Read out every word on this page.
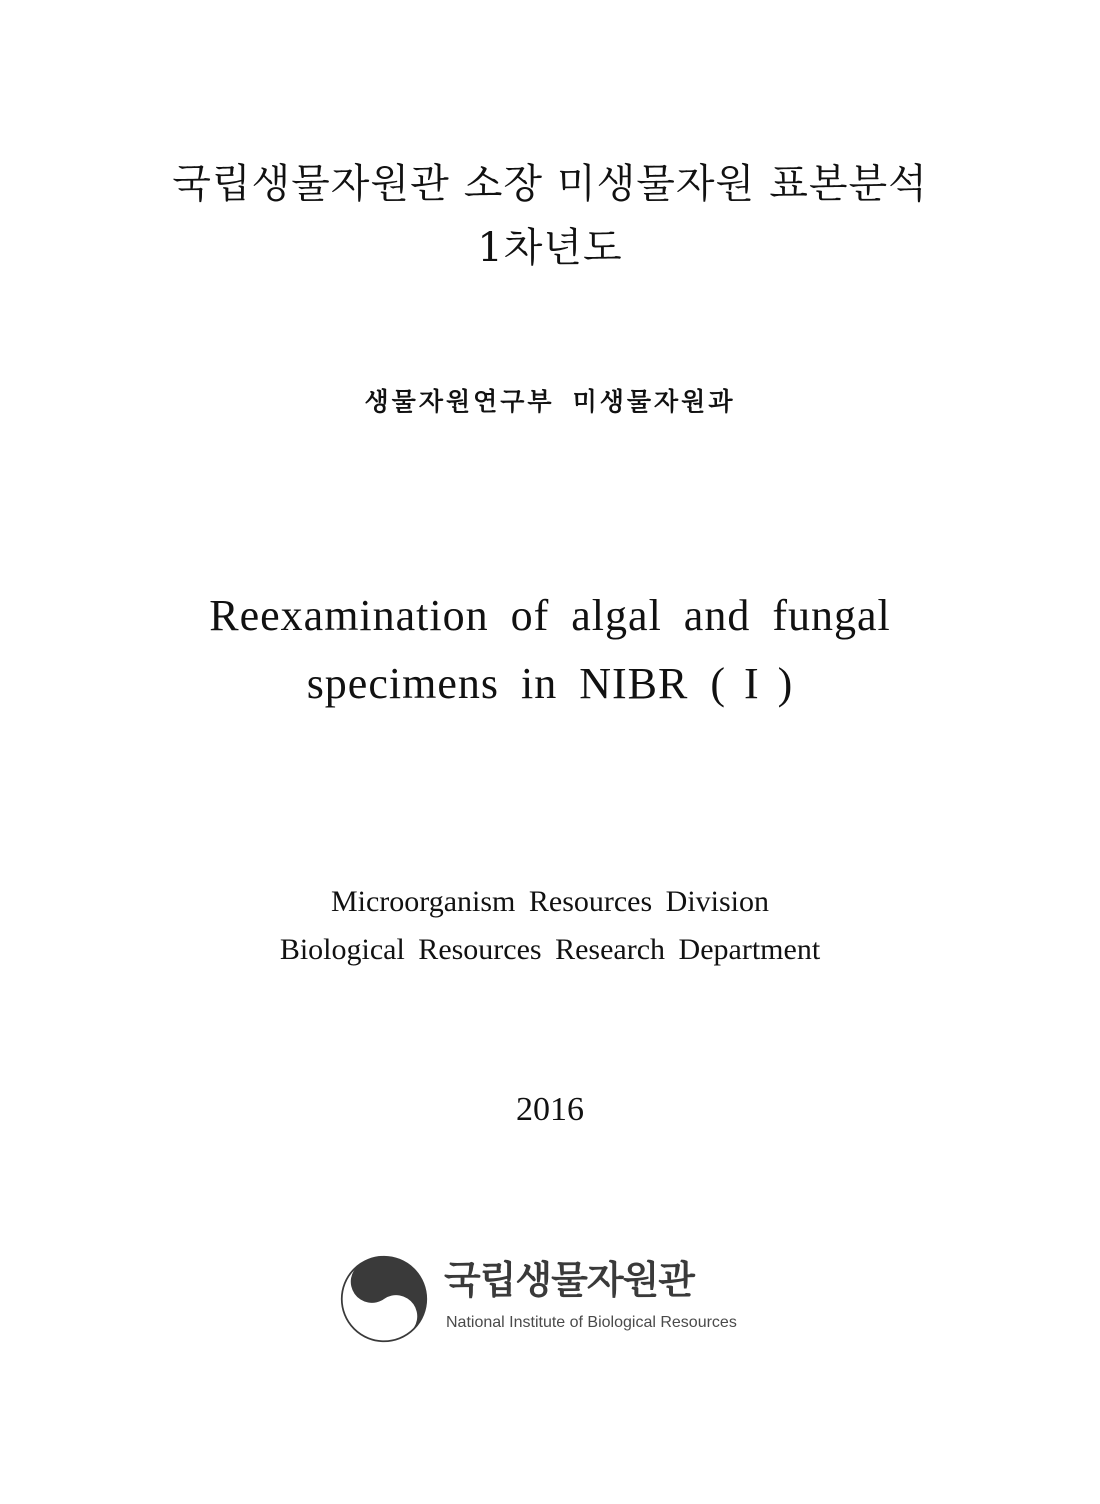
국립생물자원관 소장 미생물자원 표본분석
1차년도
생물자원연구부 미생물자원과
Reexamination of algal and fungal
specimens in NIBR ( I )
Microorganism Resources Division
Biological Resources Research Department
2016
국립생물자원관
National Institute of Biological Resources
